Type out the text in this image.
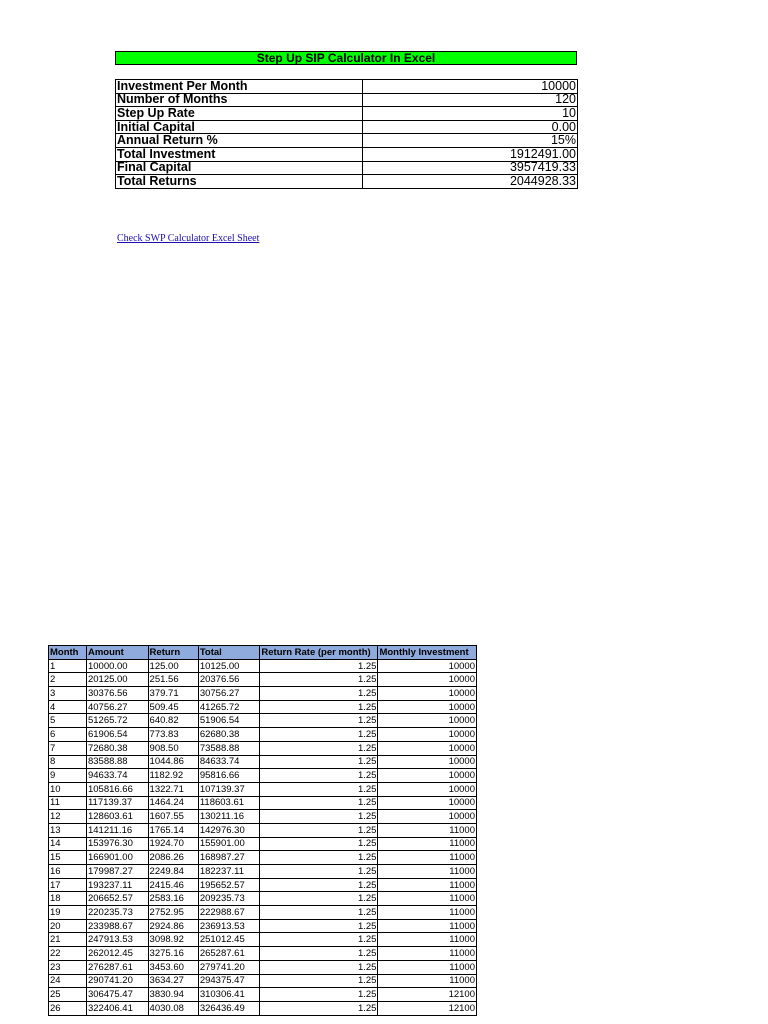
Step Up SIP Calculator In Excel
Investment Per Month	10000
Number of Months	120
Step Up Rate	10
Initial Capital	0.00
Annual Return %	15%
Total Investment	1912491.00
Final Capital	3957419.33
Total Returns	2044928.33
Check SWP Calculator Excel Sheet
Month	Amount	Return	Total	Return Rate (per month)	Monthly Investment
1	10000.00	125.00	10125.00	1.25	10000
2	20125.00	251.56	20376.56	1.25	10000
3	30376.56	379.71	30756.27	1.25	10000
4	40756.27	509.45	41265.72	1.25	10000
5	51265.72	640.82	51906.54	1.25	10000
6	61906.54	773.83	62680.38	1.25	10000
7	72680.38	908.50	73588.88	1.25	10000
8	83588.88	1044.86	84633.74	1.25	10000
9	94633.74	1182.92	95816.66	1.25	10000
10	105816.66	1322.71	107139.37	1.25	10000
11	117139.37	1464.24	118603.61	1.25	10000
12	128603.61	1607.55	130211.16	1.25	10000
13	141211.16	1765.14	142976.30	1.25	11000
14	153976.30	1924.70	155901.00	1.25	11000
15	166901.00	2086.26	168987.27	1.25	11000
16	179987.27	2249.84	182237.11	1.25	11000
17	193237.11	2415.46	195652.57	1.25	11000
18	206652.57	2583.16	209235.73	1.25	11000
19	220235.73	2752.95	222988.67	1.25	11000
20	233988.67	2924.86	236913.53	1.25	11000
21	247913.53	3098.92	251012.45	1.25	11000
22	262012.45	3275.16	265287.61	1.25	11000
23	276287.61	3453.60	279741.20	1.25	11000
24	290741.20	3634.27	294375.47	1.25	11000
25	306475.47	3830.94	310306.41	1.25	12100
26	322406.41	4030.08	326436.49	1.25	12100
